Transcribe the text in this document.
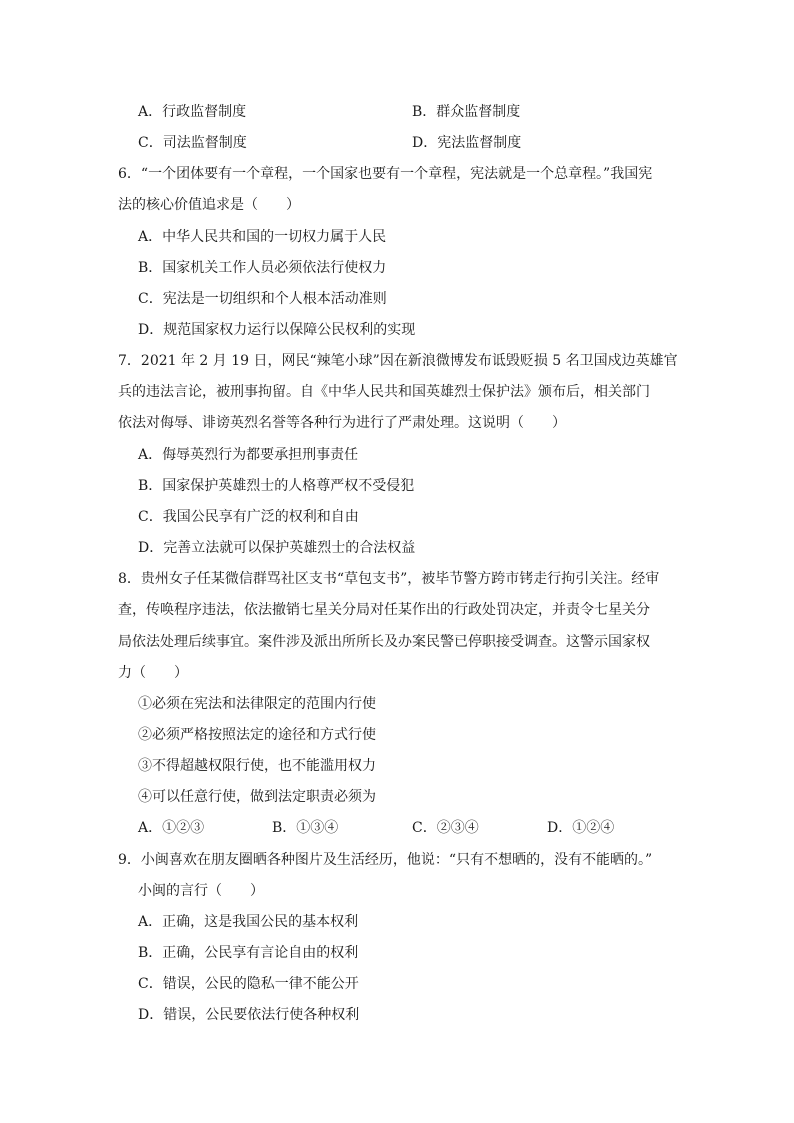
A．行政监督制度	B．群众监督制度
C．司法监督制度	D．宪法监督制度
6．“一个团体要有一个章程，一个国家也要有一个章程，宪法就是一个总章程。”我国宪
法的核心价值追求是（　　）
A．中华人民共和国的一切权力属于人民
B．国家机关工作人员必须依法行使权力
C．宪法是一切组织和个人根本活动准则
D．规范国家权力运行以保障公民权利的实现
7．2021 年 2 月 19 日，网民“辣笔小球”因在新浪微博发布诋毁贬损 5 名卫国戍边英雄官
兵的违法言论，被刑事拘留。自《中华人民共和国英雄烈士保护法》颁布后，相关部门
依法对侮辱、诽谤英烈名誉等各种行为进行了严肃处理。这说明（　　）
A．侮辱英烈行为都要承担刑事责任
B．国家保护英雄烈士的人格尊严权不受侵犯
C．我国公民享有广泛的权利和自由
D．完善立法就可以保护英雄烈士的合法权益
8．贵州女子任某微信群骂社区支书“草包支书”，被毕节警方跨市铐走行拘引关注。经审
查，传唤程序违法，依法撤销七星关分局对任某作出的行政处罚决定，并责令七星关分
局依法处理后续事宜。案件涉及派出所所长及办案民警已停职接受调查。这警示国家权
力（　　）
①必须在宪法和法律限定的范围内行使
②必须严格按照法定的途径和方式行使
③不得超越权限行使，也不能滥用权力
④可以任意行使，做到法定职责必须为
A．①②③	B．①③④	C．②③④	D．①②④
9．小闽喜欢在朋友圈晒各种图片及生活经历，他说：“只有不想晒的，没有不能晒的。”
小闽的言行（　　）
A．正确，这是我国公民的基本权利
B．正确，公民享有言论自由的权利
C．错误，公民的隐私一律不能公开
D．错误，公民要依法行使各种权利
